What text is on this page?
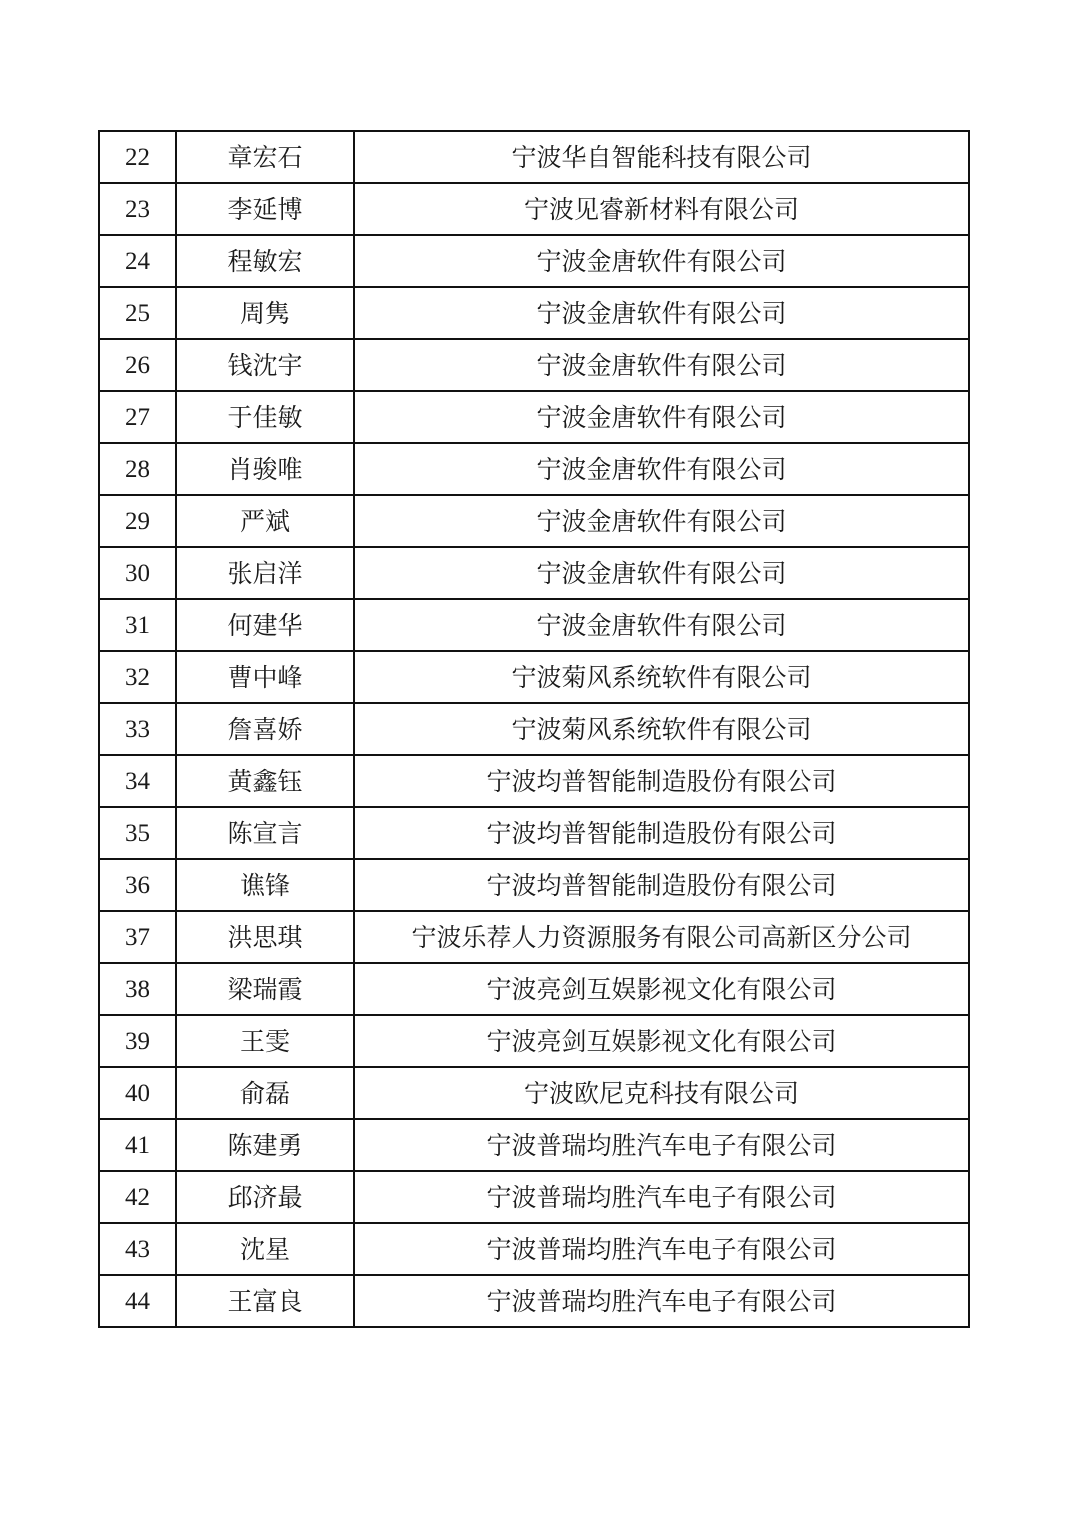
22	章宏石	宁波华自智能科技有限公司
23	李延博	宁波见睿新材料有限公司
24	程敏宏	宁波金唐软件有限公司
25	周隽	宁波金唐软件有限公司
26	钱沈宇	宁波金唐软件有限公司
27	于佳敏	宁波金唐软件有限公司
28	肖骏唯	宁波金唐软件有限公司
29	严斌	宁波金唐软件有限公司
30	张启洋	宁波金唐软件有限公司
31	何建华	宁波金唐软件有限公司
32	曹中峰	宁波菊风系统软件有限公司
33	詹喜娇	宁波菊风系统软件有限公司
34	黄鑫钰	宁波均普智能制造股份有限公司
35	陈宣言	宁波均普智能制造股份有限公司
36	谯锋	宁波均普智能制造股份有限公司
37	洪思琪	宁波乐荐人力资源服务有限公司高新区分公司
38	梁瑞霞	宁波亮剑互娱影视文化有限公司
39	王雯	宁波亮剑互娱影视文化有限公司
40	俞磊	宁波欧尼克科技有限公司
41	陈建勇	宁波普瑞均胜汽车电子有限公司
42	邱济最	宁波普瑞均胜汽车电子有限公司
43	沈星	宁波普瑞均胜汽车电子有限公司
44	王富良	宁波普瑞均胜汽车电子有限公司
